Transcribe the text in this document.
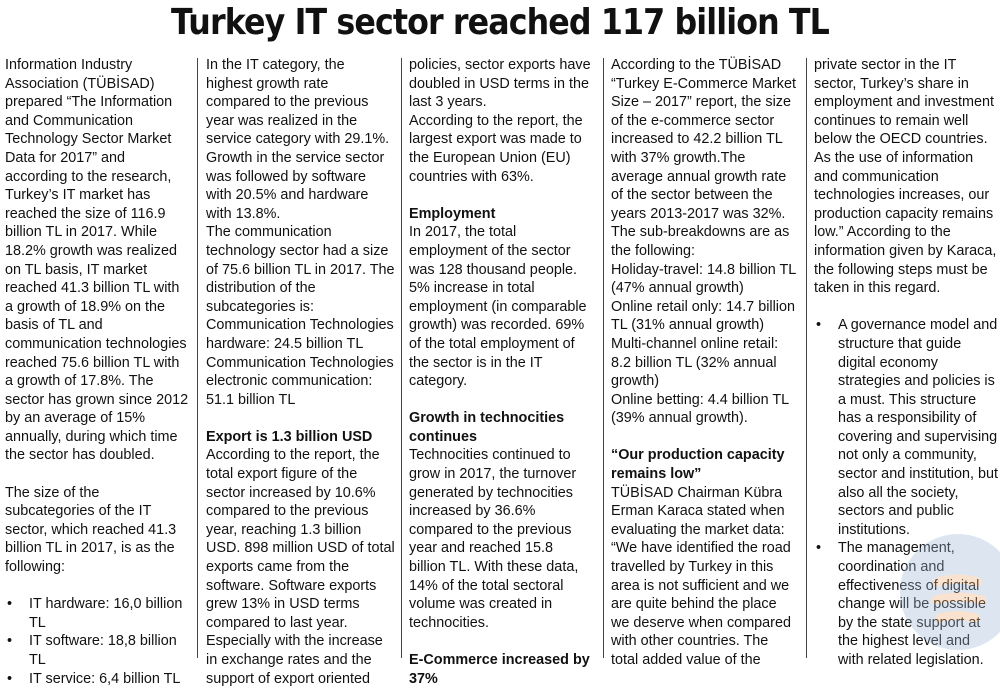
Turkey IT sector reached 117 billion TL

Information Industry Association (TÜBİSAD) prepared “The Information and Communication Technology Sector Market Data for 2017” and according to the research, Turkey’s IT market has reached the size of 116.9 billion TL in 2017. While 18.2% growth was realized on TL basis, IT market reached 41.3 billion TL with a growth of 18.9% on the basis of TL and communication technologies reached 75.6 billion TL with a growth of 17.8%. The sector has grown since 2012 by an average of 15% annually, during which time the sector has doubled.

The size of the subcategories of the IT sector, which reached 41.3 billion TL in 2017, is as the following:

• IT hardware: 16,0 billion TL
• IT software: 18,8 billion TL
• IT service: 6,4 billion TL

In the IT category, the highest growth rate compared to the previous year was realized in the service category with 29.1%. Growth in the service sector was followed by software with 20.5% and hardware with 13.8%.

The communication technology sector had a size of 75.6 billion TL in 2017. The distribution of the subcategories is:

Communication Technologies hardware: 24.5 billion TL

Communication Technologies electronic communication: 51.1 billion TL

Export is 1.3 billion USD

According to the report, the total export figure of the sector increased by 10.6% compared to the previous year, reaching 1.3 billion USD. 898 million USD of total exports came from the software. Software exports grew 13% in USD terms compared to last year. Especially with the increase in exchange rates and the support of export oriented

policies, sector exports have doubled in USD terms in the last 3 years.

According to the report, the largest export was made to the European Union (EU) countries with 63%.

Employment

In 2017, the total employment of the sector was 128 thousand people. 5% increase in total employment (in comparable growth) was recorded. 69% of the total employment of the sector is in the IT category.

Growth in technocities continues

Technocities continued to grow in 2017, the turnover generated by technocities increased by 36.6% compared to the previous year and reached 15.8 billion TL. With these data, 14% of the total sectoral volume was created in technocities.

E-Commerce increased by 37%

According to the TÜBİSAD “Turkey E-Commerce Market Size – 2017” report, the size of the e-commerce sector increased to 42.2 billion TL with 37% growth.The average annual growth rate of the sector between the years 2013-2017 was 32%.

The sub-breakdowns are as the following:

Holiday-travel: 14.8 billion TL (47% annual growth)

Online retail only: 14.7 billion TL (31% annual growth)

Multi-channel online retail: 8.2 billion TL (32% annual growth)

Online betting: 4.4 billion TL (39% annual growth).

“Our production capacity remains low”

TÜBİSAD Chairman Kübra Erman Karaca stated when evaluating the market data: “We have identified the road travelled by Turkey in this area is not sufficient and we are quite behind the place we deserve when compared with other countries. The total added value of the

private sector in the IT sector, Turkey’s share in employment and investment continues to remain well below the OECD countries. As the use of information and communication technologies increases, our production capacity remains low.” According to the information given by Karaca, the following steps must be taken in this regard.

• A governance model and structure that guide digital economy strategies and policies is a must. This structure has a responsibility of covering and supervising not only a community, sector and institution, but also all the society, sectors and public institutions.
• The management, coordination and effectiveness of digital change will be possible by the state support at the highest level and with related legislation.
